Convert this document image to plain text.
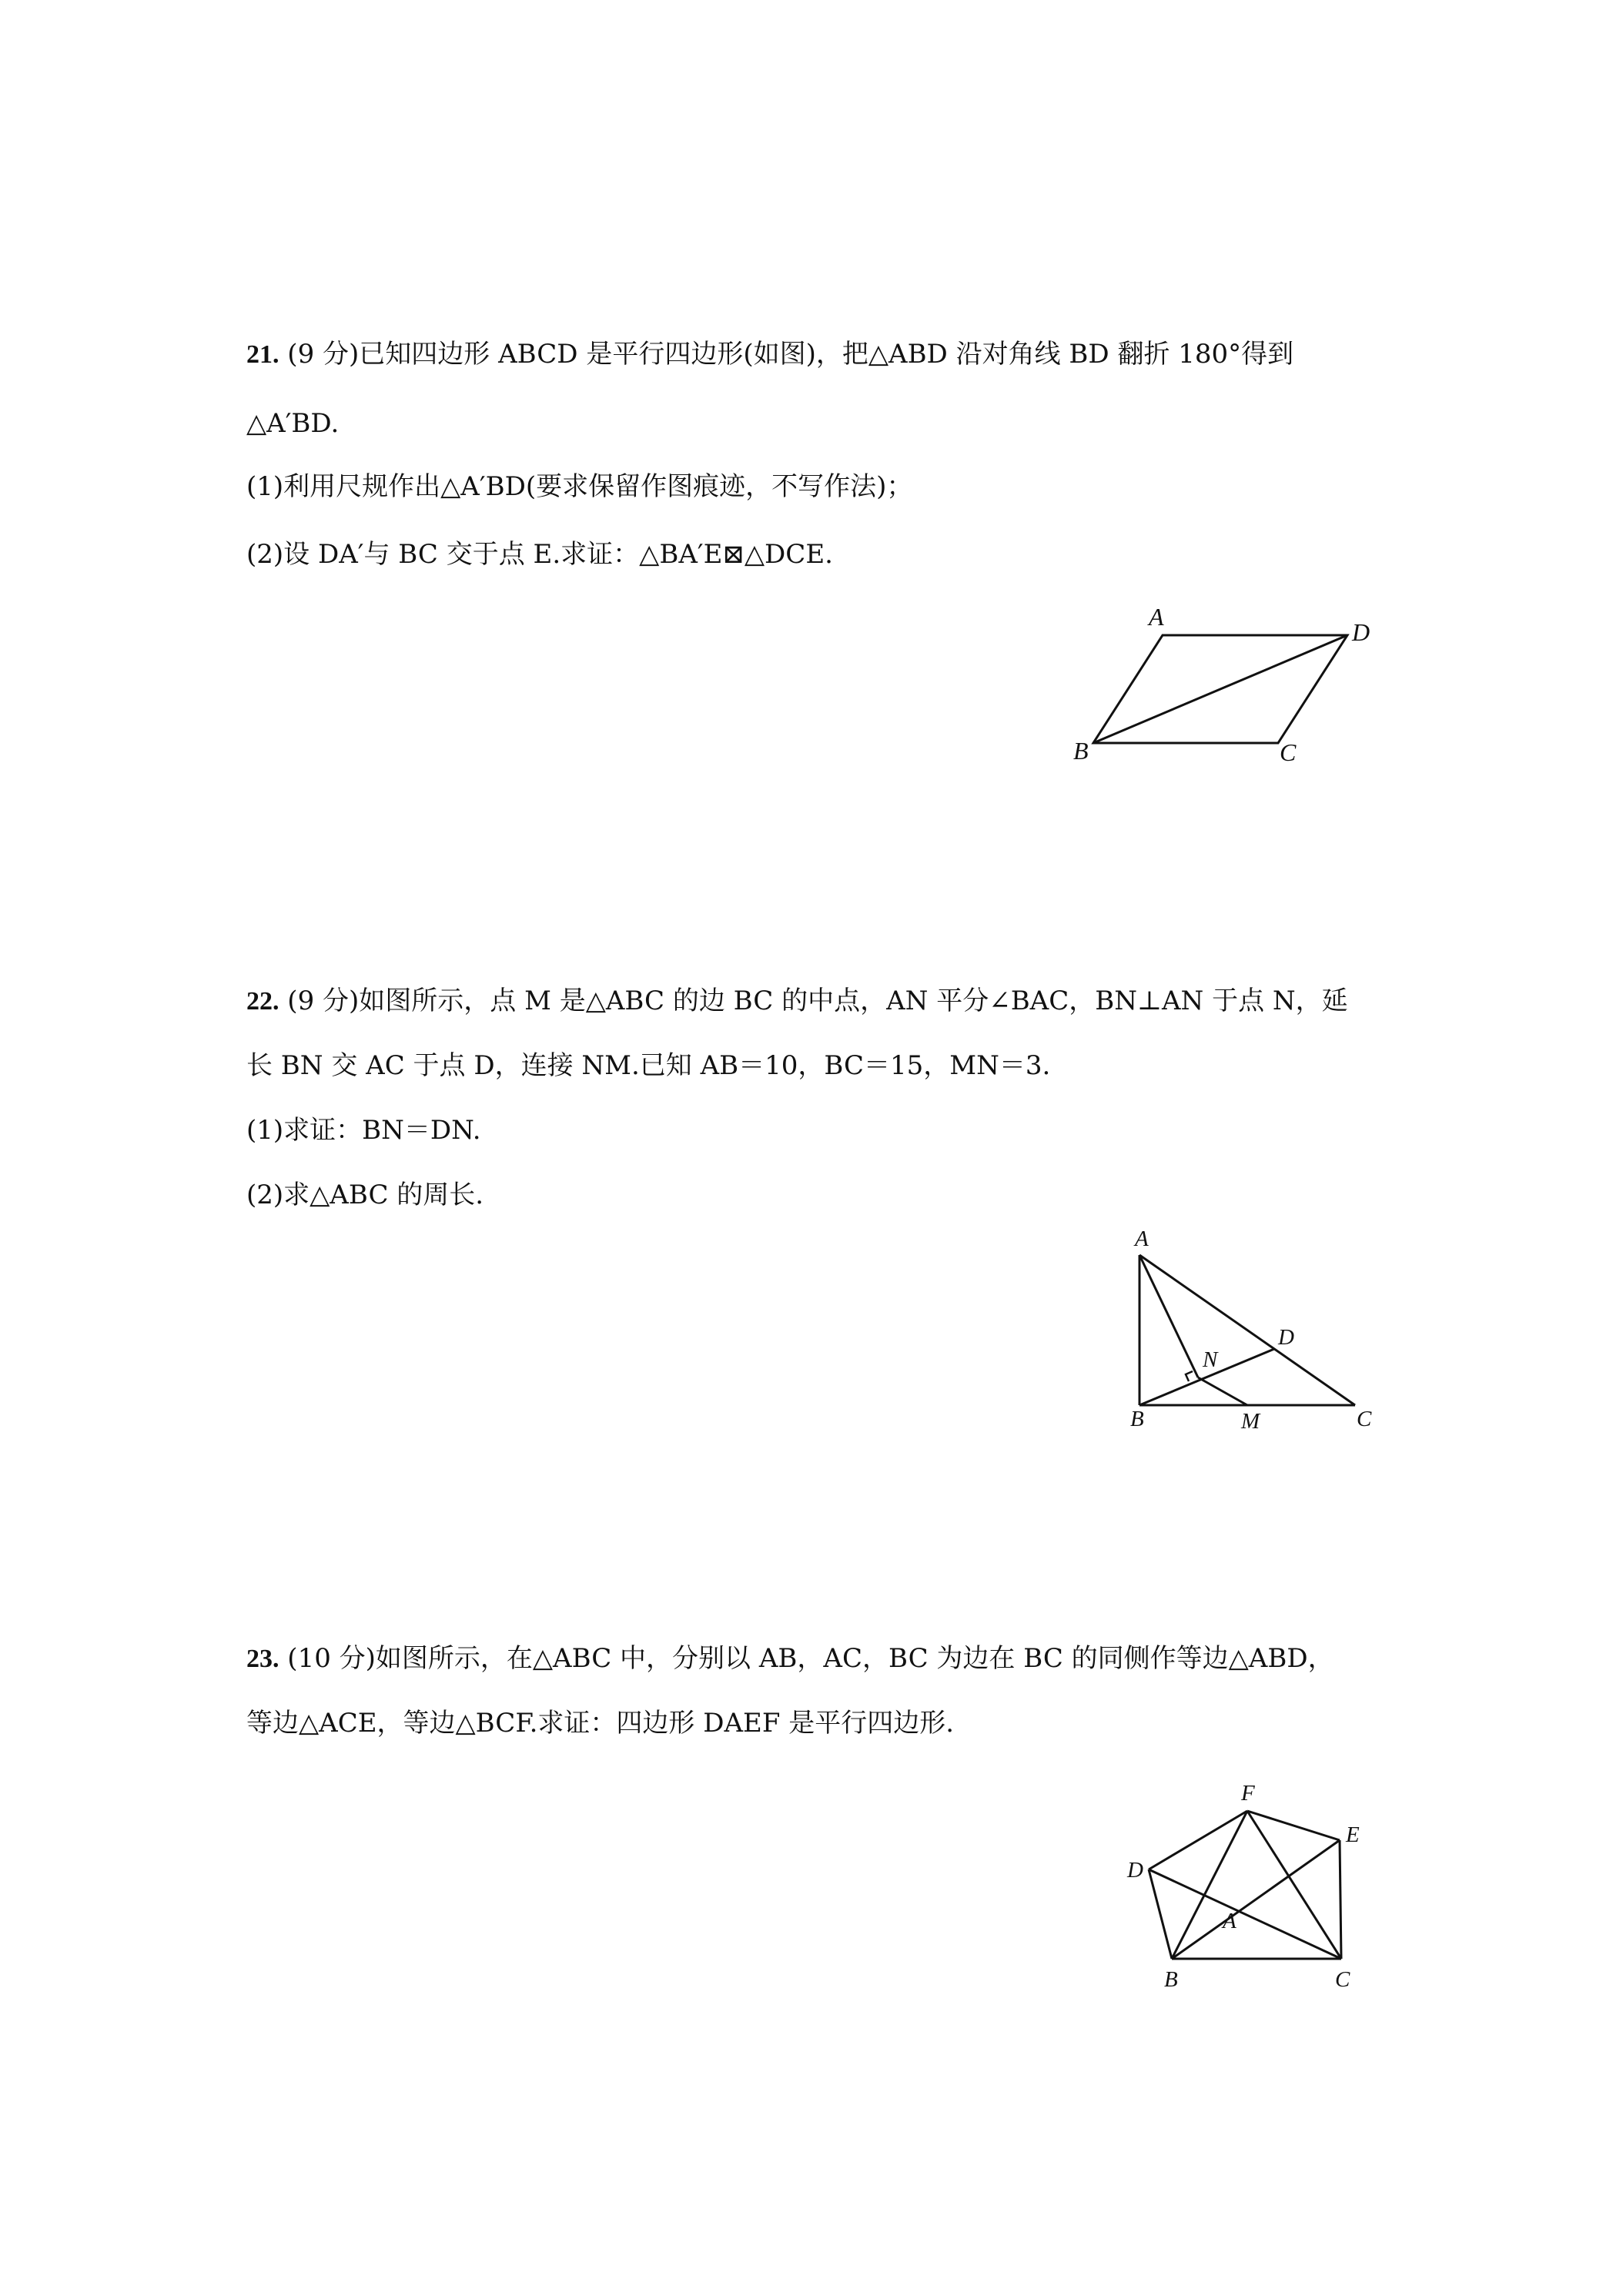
21. (9 分)已知四边形 ABCD 是平行四边形(如图)，把△ABD 沿对角线 BD 翻折 180°得到
△A′BD.
(1)利用尺规作出△A′BD(要求保留作图痕迹，不写作法)；
(2)设 DA′与 BC 交于点 E.求证：△BA′E⊠△DCE.
A
D
B	C
22. (9 分)如图所示，点 M 是△ABC 的边 BC 的中点，AN 平分∠BAC，BN⊥AN 于点 N，延
长 BN 交 AC 于点 D，连接 NM.已知 AB＝10，BC＝15，MN＝3.
(1)求证：BN＝DN.
(2)求△ABC 的周长.
A
D
N
B	M	C
23. (10 分)如图所示，在△ABC 中，分别以 AB，AC，BC 为边在 BC 的同侧作等边△ABD，
等边△ACE，等边△BCF.求证：四边形 DAEF 是平行四边形.
F
E
D
A
B	C
